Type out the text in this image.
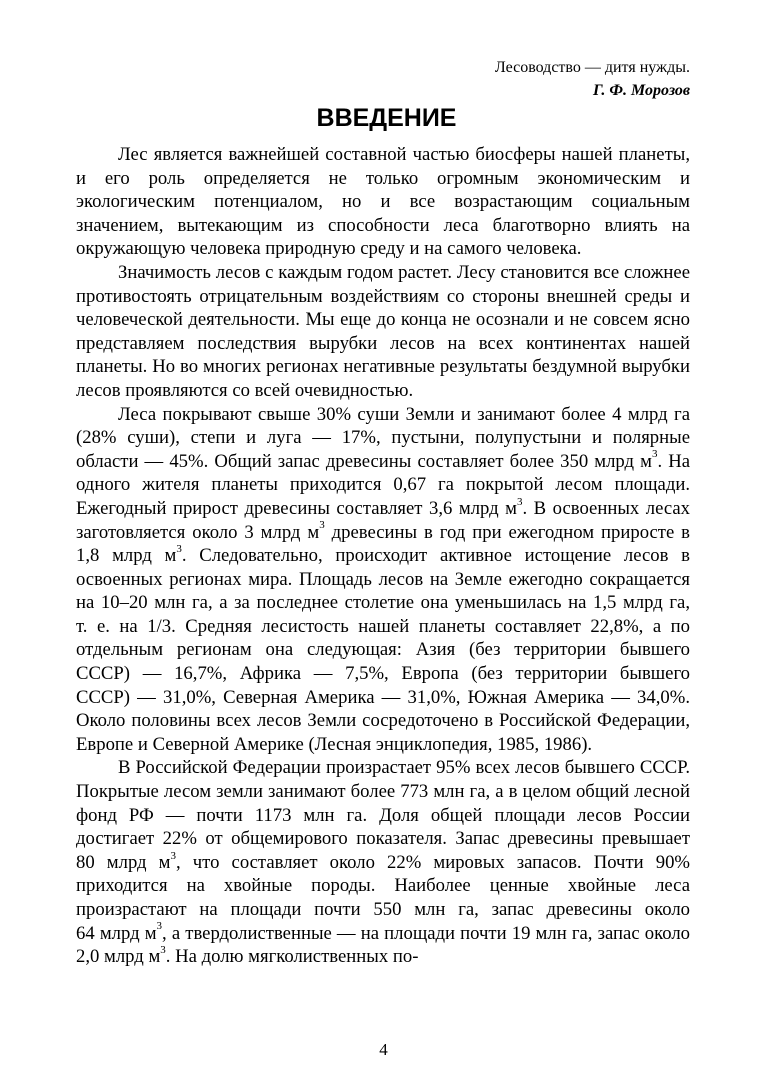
Лесоводство — дитя нужды.
Г. Ф. Морозов
ВВЕДЕНИЕ

Лес является важнейшей составной частью биосферы нашей планеты, и его роль определяется не только огромным экономическим и экологическим потенциалом, но и все возрастающим социальным значением, вытекающим из способности леса благотворно влиять на окружающую человека природную среду и на самого человека.

Значимость лесов с каждым годом растет. Лесу становится все сложнее противостоять отрицательным воздействиям со стороны внешней среды и человеческой деятельности. Мы еще до конца не осознали и не совсем ясно представляем последствия вырубки лесов на всех континентах нашей планеты. Но во многих регионах негативные результаты бездумной вырубки лесов проявляются со всей очевидностью.

Леса покрывают свыше 30% суши Земли и занимают более 4 млрд га (28% суши), степи и луга — 17%, пустыни, полупустыни и полярные области — 45%. Общий запас древесины составляет более 350 млрд $м^3$. На одного жителя планеты приходится 0,67 га покрытой лесом площади. Ежегодный прирост древесины составляет 3,6 млрд $м^3$. В освоенных лесах заготовляется около 3 млрд $м^3$ древесины в год при ежегодном приросте в 1,8 млрд $м^3$. Следовательно, происходит активное истощение лесов в освоенных регионах мира. Площадь лесов на Земле ежегодно сокращается на 10–20 млн га, а за последнее столетие она уменьшилась на 1,5 млрд га, т. е. на 1/3. Средняя лесистость нашей планеты составляет 22,8%, а по отдельным регионам она следующая: Азия (без территории бывшего СССР) — 16,7%, Африка — 7,5%, Европа (без территории бывшего СССР) — 31,0%, Северная Америка — 31,0%, Южная Америка — 34,0%. Около половины всех лесов Земли сосредоточено в Российской Федерации, Европе и Северной Америке (Лесная энциклопедия, 1985, 1986).

В Российской Федерации произрастает 95% всех лесов бывшего СССР. Покрытые лесом земли занимают более 773 млн га, а в целом общий лесной фонд РФ — почти 1173 млн га. Доля общей площади лесов России достигает 22% от общемирового показателя. Запас древесины превышает 80 млрд $м^3$, что составляет около 22% мировых запасов. Почти 90% приходится на хвойные породы. Наиболее ценные хвойные леса произрастают на площади почти 550 млн га, запас древесины около 64 млрд $м^3$, а твердолиственные — на площади почти 19 млн га, запас около 2,0 млрд $м^3$. На долю мягколиственных по-

4
